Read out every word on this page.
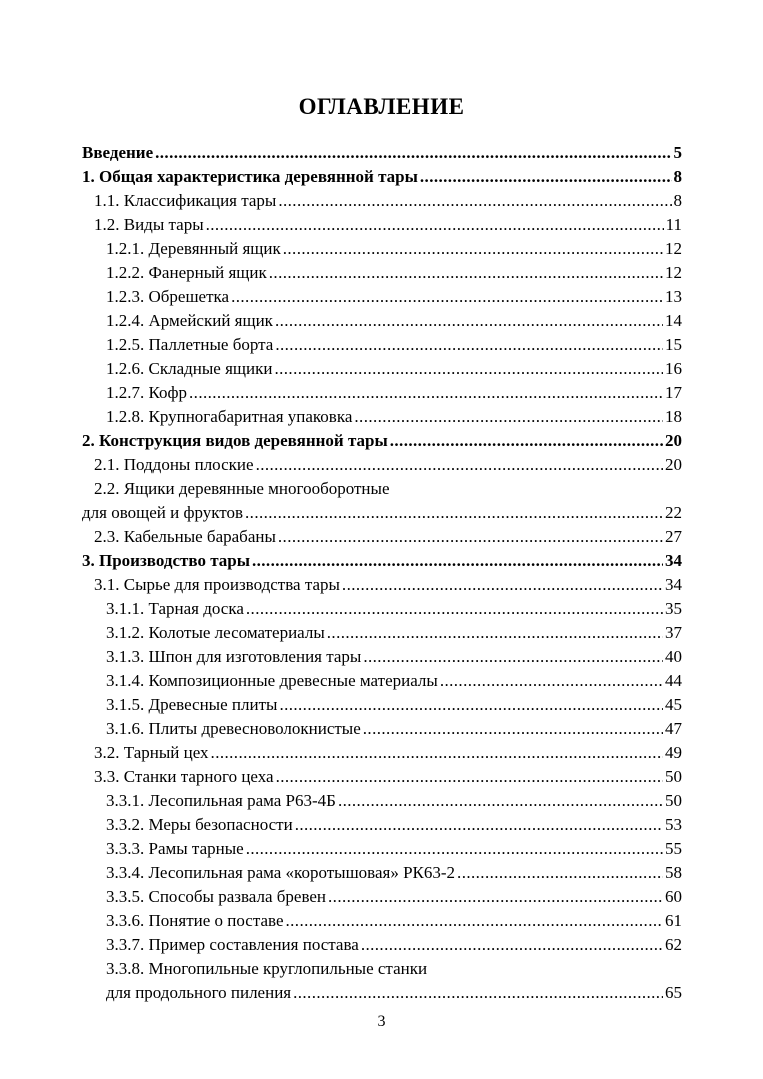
ОГЛАВЛЕНИЕ
Введение .....	5
1. Общая характеристика деревянной тары .....	8
1.1. Классификация тары .....	8
1.2. Виды тары .....	11
1.2.1. Деревянный ящик .....	12
1.2.2. Фанерный ящик .....	12
1.2.3. Обрешетка .....	13
1.2.4. Армейский ящик .....	14
1.2.5. Паллетные борта .....	15
1.2.6. Складные ящики .....	16
1.2.7. Кофр .....	17
1.2.8. Крупногабаритная упаковка .....	18
2. Конструкция видов деревянной тары .....	20
2.1. Поддоны плоские .....	20
2.2. Ящики деревянные многооборотные
для овощей и фруктов .....	22
2.3. Кабельные барабаны .....	27
3. Производство тары .....	34
3.1. Сырье для производства тары .....	34
3.1.1. Тарная доска .....	35
3.1.2. Колотые лесоматериалы .....	37
3.1.3. Шпон для изготовления тары .....	40
3.1.4. Композиционные древесные материалы .....	44
3.1.5. Древесные плиты .....	45
3.1.6. Плиты древесноволокнистые .....	47
3.2. Тарный цех .....	49
3.3. Станки тарного цеха .....	50
3.3.1. Лесопильная рама Р63-4Б .....	50
3.3.2. Меры безопасности .....	53
3.3.3. Рамы тарные .....	55
3.3.4. Лесопильная рама «коротышовая» РК63-2 .....	58
3.3.5. Способы развала бревен .....	60
3.3.6. Понятие о поставе .....	61
3.3.7. Пример составления постава .....	62
3.3.8. Многопильные круглопильные станки
для продольного пиления .....	65
3
